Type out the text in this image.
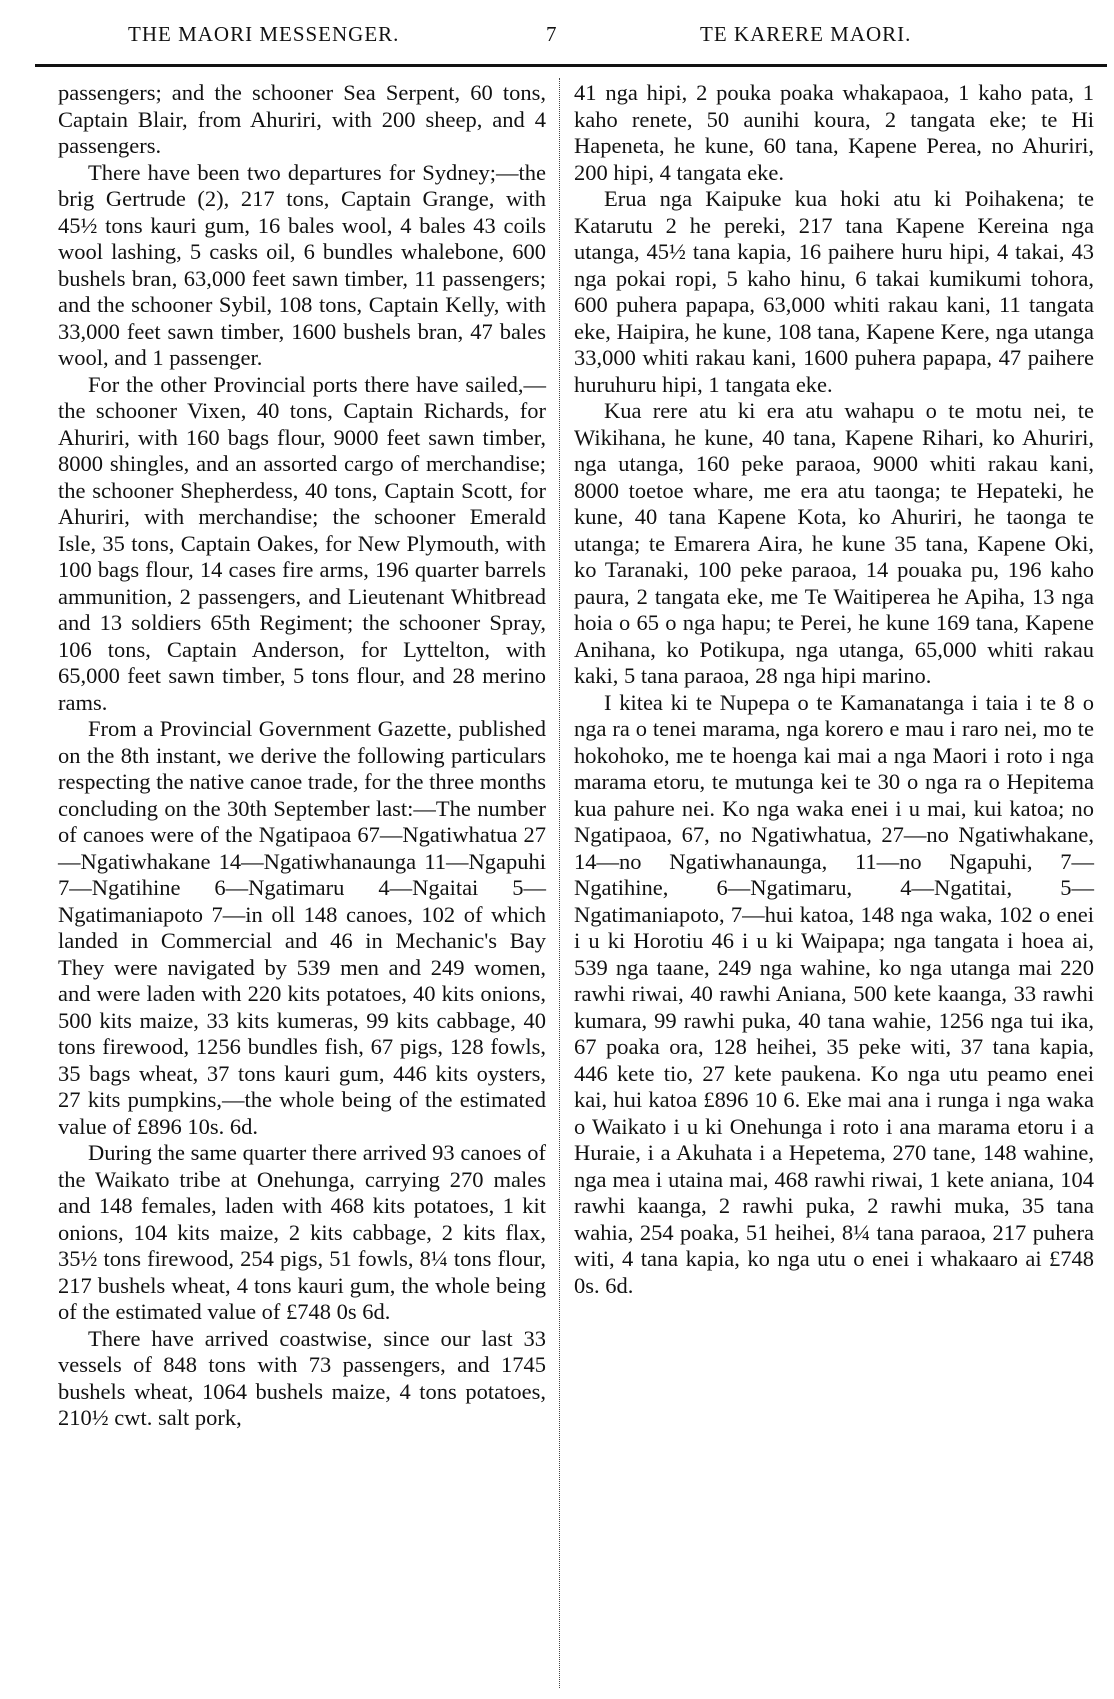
THE MAORI MESSENGER.	7	TE KARERE MAORI.

passengers; and the schooner Sea Serpent, 60 tons, Captain Blair, from Ahuriri, with 200 sheep, and 4 passengers.

There have been two departures for Sydney;—the brig Gertrude (2), 217 tons, Captain Grange, with 45½ tons kauri gum, 16 bales wool, 4 bales 43 coils wool lashing, 5 casks oil, 6 bundles whalebone, 600 bushels bran, 63,000 feet sawn timber, 11 passengers; and the schooner Sybil, 108 tons, Captain Kelly, with 33,000 feet sawn timber, 1600 bushels bran, 47 bales wool, and 1 passenger.

For the other Provincial ports there have sailed,—the schooner Vixen, 40 tons, Captain Richards, for Ahuriri, with 160 bags flour, 9000 feet sawn timber, 8000 shingles, and an assorted cargo of merchandise; the schooner Shepherdess, 40 tons, Captain Scott, for Ahuriri, with merchandise; the schooner Emerald Isle, 35 tons, Captain Oakes, for New Plymouth, with 100 bags flour, 14 cases fire arms, 196 quarter barrels ammunition, 2 passengers, and Lieutenant Whitbread and 13 soldiers 65th Regiment; the schooner Spray, 106 tons, Captain Anderson, for Lyttelton, with 65,000 feet sawn timber, 5 tons flour, and 28 merino rams.

From a Provincial Government Gazette, published on the 8th instant, we derive the following particulars respecting the native canoe trade, for the three months concluding on the 30th September last:—The number of canoes were of the Ngatipaoa 67—Ngatiwhatua 27—Ngatiwhakane 14—Ngatiwhanaunga 11—Ngapuhi 7—Ngatihine 6—Ngatimaru 4—Ngaitai 5—Ngatimaniapoto 7—in oll 148 canoes, 102 of which landed in Commercial and 46 in Mechanic's Bay They were navigated by 539 men and 249 women, and were laden with 220 kits potatoes, 40 kits onions, 500 kits maize, 33 kits kumeras, 99 kits cabbage, 40 tons firewood, 1256 bundles fish, 67 pigs, 128 fowls, 35 bags wheat, 37 tons kauri gum, 446 kits oysters, 27 kits pumpkins,—the whole being of the estimated value of £896 10s. 6d.

During the same quarter there arrived 93 canoes of the Waikato tribe at Onehunga, carrying 270 males and 148 females, laden with 468 kits potatoes, 1 kit onions, 104 kits maize, 2 kits cabbage, 2 kits flax, 35½ tons firewood, 254 pigs, 51 fowls, 8¼ tons flour, 217 bushels wheat, 4 tons kauri gum, the whole being of the estimated value of £748 0s 6d.

There have arrived coastwise, since our last 33 vessels of 848 tons with 73 passengers, and 1745 bushels wheat, 1064 bushels maize, 4 tons potatoes, 210½ cwt. salt pork,

41 nga hipi, 2 pouka poaka whakapaoa, 1 kaho pata, 1 kaho renete, 50 aunihi koura, 2 tangata eke; te Hi Hapeneta, he kune, 60 tana, Kapene Perea, no Ahuriri, 200 hipi, 4 tangata eke.

Erua nga Kaipuke kua hoki atu ki Poihakena; te Katarutu 2 he pereki, 217 tana Kapene Kereina nga utanga, 45½ tana kapia, 16 paihere huru hipi, 4 takai, 43 nga pokai ropi, 5 kaho hinu, 6 takai kumikumi tohora, 600 puhera papapa, 63,000 whiti rakau kani, 11 tangata eke, Haipira, he kune, 108 tana, Kapene Kere, nga utanga 33,000 whiti rakau kani, 1600 puhera papapa, 47 paihere huruhuru hipi, 1 tangata eke.

Kua rere atu ki era atu wahapu o te motu nei, te Wikihana, he kune, 40 tana, Kapene Rihari, ko Ahuriri, nga utanga, 160 peke paraoa, 9000 whiti rakau kani, 8000 toetoe whare, me era atu taonga; te Hepateki, he kune, 40 tana Kapene Kota, ko Ahuriri, he taonga te utanga; te Emarera Aira, he kune 35 tana, Kapene Oki, ko Taranaki, 100 peke paraoa, 14 pouaka pu, 196 kaho paura, 2 tangata eke, me Te Waitiperea he Apiha, 13 nga hoia o 65 o nga hapu; te Perei, he kune 169 tana, Kapene Anihana, ko Potikupa, nga utanga, 65,000 whiti rakau kaki, 5 tana paraoa, 28 nga hipi marino.

I kitea ki te Nupepa o te Kamanatanga i taia i te 8 o nga ra o tenei marama, nga korero e mau i raro nei, mo te hokohoko, me te hoenga kai mai a nga Maori i roto i nga marama etoru, te mutunga kei te 30 o nga ra o Hepitema kua pahure nei. Ko nga waka enei i u mai, kui katoa; no Ngatipaoa, 67, no Ngatiwhatua, 27—no Ngatiwhakane, 14—no Ngatiwhanaunga, 11—no Ngapuhi, 7—Ngatihine, 6—Ngatimaru, 4—Ngatitai, 5—Ngatimaniapoto, 7—hui katoa, 148 nga waka, 102 o enei i u ki Horotiu 46 i u ki Waipapa; nga tangata i hoea ai, 539 nga taane, 249 nga wahine, ko nga utanga mai 220 rawhi riwai, 40 rawhi Aniana, 500 kete kaanga, 33 rawhi kumara, 99 rawhi puka, 40 tana wahie, 1256 nga tui ika, 67 poaka ora, 128 heihei, 35 peke witi, 37 tana kapia, 446 kete tio, 27 kete paukena. Ko nga utu peamo enei kai, hui katoa £896 10 6. Eke mai ana i runga i nga waka o Waikato i u ki Onehunga i roto i ana marama etoru i a Huraie, i a Akuhata i a Hepetema, 270 tane, 148 wahine, nga mea i utaina mai, 468 rawhi riwai, 1 kete aniana, 104 rawhi kaanga, 2 rawhi puka, 2 rawhi muka, 35 tana wahia, 254 poaka, 51 heihei, 8¼ tana paraoa, 217 puhera witi, 4 tana kapia, ko nga utu o enei i whakaaro ai £748 0s. 6d.
